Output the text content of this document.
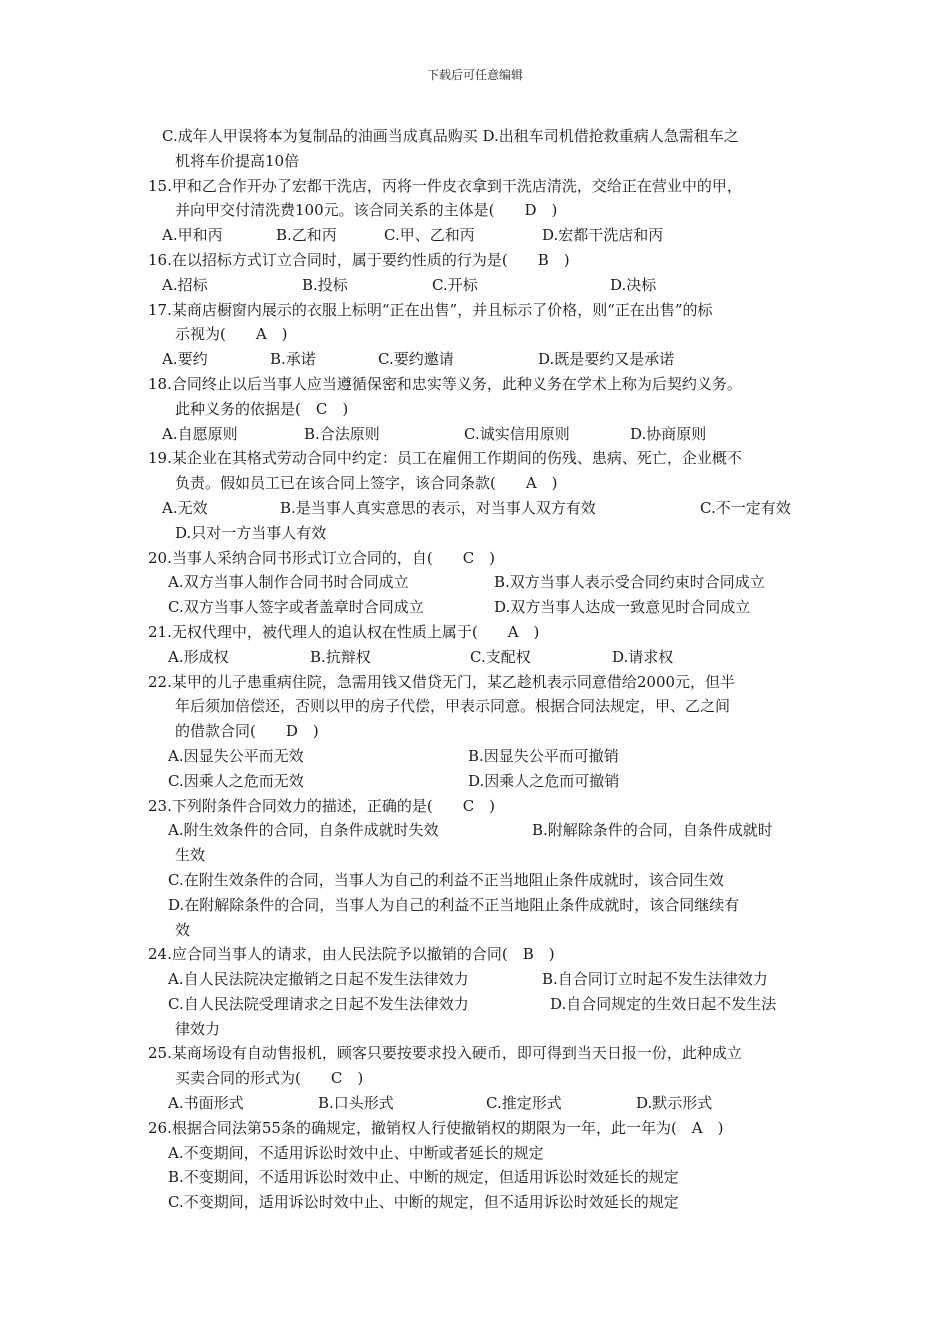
下载后可任意编辑
C.成年人甲误将本为复制品的油画当成真品购买 D.出租车司机借抢救重病人急需租车之
机将车价提高10倍
15.甲和乙合作开办了宏都干洗店，丙将一件皮衣拿到干洗店清洗，交给正在营业中的甲，
并向甲交付清洗费100元。该合同关系的主体是(　　D　)
A.甲和丙	B.乙和丙	C.甲、乙和丙	D.宏都干洗店和丙
16.在以招标方式订立合同时，属于要约性质的行为是(　　B　)
A.招标	B.投标	C.开标	D.决标
17.某商店橱窗内展示的衣服上标明“正在出售”，并且标示了价格，则“正在出售”的标
示视为(　　A　)
A.要约	B.承诺	C.要约邀请	D.既是要约又是承诺
18.合同终止以后当事人应当遵循保密和忠实等义务，此种义务在学术上称为后契约义务。
此种义务的依据是(　C　)
A.自愿原则	B.合法原则	C.诚实信用原则	D.协商原则
19.某企业在其格式劳动合同中约定：员工在雇佣工作期间的伤残、患病、死亡，企业概不
负责。假如员工已在该合同上签字，该合同条款(　　A　)
A.无效	B.是当事人真实意思的表示，对当事人双方有效	C.不一定有效
D.只对一方当事人有效
20.当事人采纳合同书形式订立合同的，自(　　C　)
A.双方当事人制作合同书时合同成立	B.双方当事人表示受合同约束时合同成立
C.双方当事人签字或者盖章时合同成立	D.双方当事人达成一致意见时合同成立
21.无权代理中，被代理人的追认权在性质上属于(　　A　)
A.形成权	B.抗辩权	C.支配权	D.请求权
22.某甲的儿子患重病住院，急需用钱又借贷无门，某乙趁机表示同意借给2000元，但半
年后须加倍偿还，否则以甲的房子代偿，甲表示同意。根据合同法规定，甲、乙之间
的借款合同(　　D　)
A.因显失公平而无效	B.因显失公平而可撤销
C.因乘人之危而无效	D.因乘人之危而可撤销
23.下列附条件合同效力的描述，正确的是(　　C　)
A.附生效条件的合同，自条件成就时失效	B.附解除条件的合同，自条件成就时
生效
C.在附生效条件的合同，当事人为自己的利益不正当地阻止条件成就时，该合同生效
D.在附解除条件的合同，当事人为自己的利益不正当地阻止条件成就时，该合同继续有
效
24.应合同当事人的请求，由人民法院予以撤销的合同(　B　)
A.自人民法院决定撤销之日起不发生法律效力	B.自合同订立时起不发生法律效力
C.自人民法院受理请求之日起不发生法律效力	D.自合同规定的生效日起不发生法
律效力
25.某商场设有自动售报机，顾客只要按要求投入硬币，即可得到当天日报一份，此种成立
买卖合同的形式为(　　C　)
A.书面形式	B.口头形式	C.推定形式	D.默示形式
26.根据合同法第55条的确规定，撤销权人行使撤销权的期限为一年，此一年为(　A　)
A.不变期间，不适用诉讼时效中止、中断或者延长的规定
B.不变期间，不适用诉讼时效中止、中断的规定，但适用诉讼时效延长的规定
C.不变期间，适用诉讼时效中止、中断的规定，但不适用诉讼时效延长的规定
